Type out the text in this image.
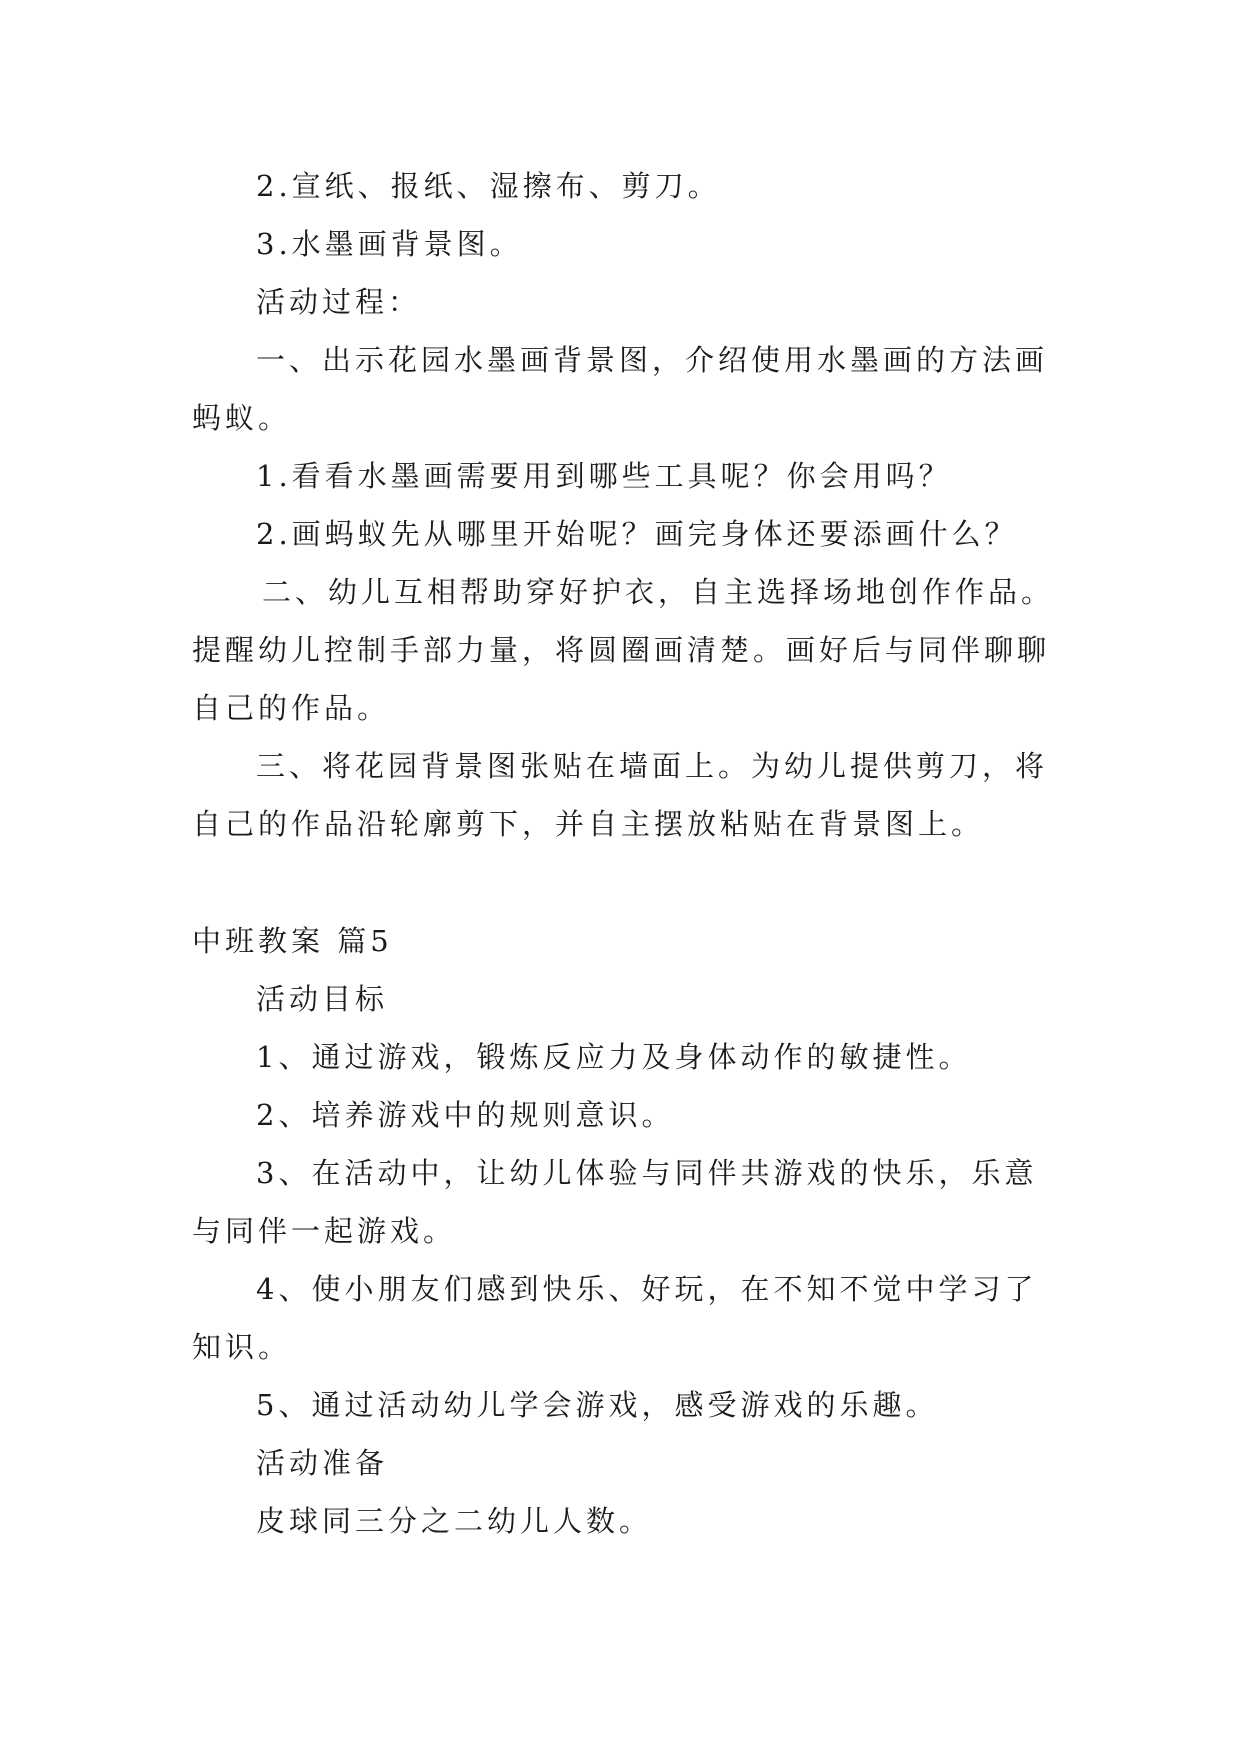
2.宣纸、报纸、湿擦布、剪刀。
3.水墨画背景图。
活动过程：
一、出示花园水墨画背景图，介绍使用水墨画的方法画
蚂蚁。
1.看看水墨画需要用到哪些工具呢？你会用吗？
2.画蚂蚁先从哪里开始呢？画完身体还要添画什么？
二、幼儿互相帮助穿好护衣，自主选择场地创作作品。
提醒幼儿控制手部力量，将圆圈画清楚。画好后与同伴聊聊
自己的作品。
三、将花园背景图张贴在墙面上。为幼儿提供剪刀，将
自己的作品沿轮廓剪下，并自主摆放粘贴在背景图上。
中班教案 篇5
活动目标
1、通过游戏，锻炼反应力及身体动作的敏捷性。
2、培养游戏中的规则意识。
3、在活动中，让幼儿体验与同伴共游戏的快乐，乐意
与同伴一起游戏。
4、使小朋友们感到快乐、好玩，在不知不觉中学习了
知识。
5、通过活动幼儿学会游戏，感受游戏的乐趣。
活动准备
皮球同三分之二幼儿人数。
